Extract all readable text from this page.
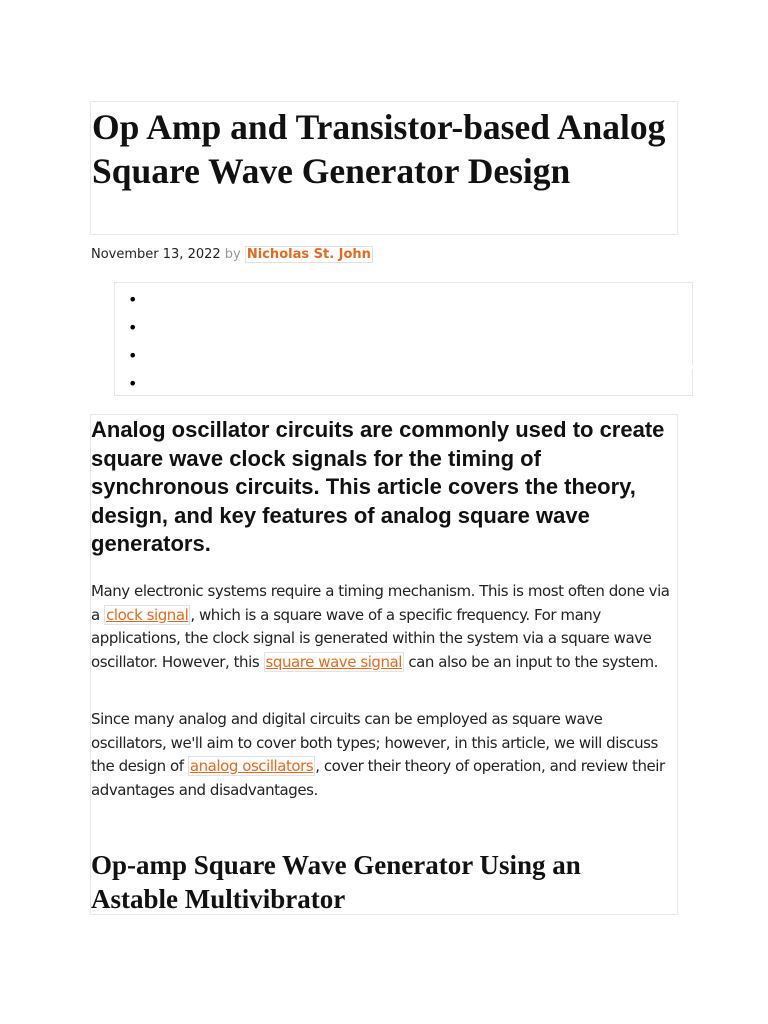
Op Amp and Transistor-based Analog Square Wave Generator Design
November 13, 2022 by Nicholas St. John
•
•
•
•

Analog oscillator circuits are commonly used to create square wave clock signals for the timing of synchronous circuits. This article covers the theory, design, and key features of analog square wave generators.

Many electronic systems require a timing mechanism. This is most often done via a clock signal , which is a square wave of a specific frequency. For many applications, the clock signal is generated within the system via a square wave oscillator. However, this square wave signal can also be an input to the system.

Since many analog and digital circuits can be employed as square wave oscillators, we'll aim to cover both types; however, in this article, we will discuss the design of analog oscillators , cover their theory of operation, and review their advantages and disadvantages.

Op-amp Square Wave Generator Using an Astable Multivibrator
